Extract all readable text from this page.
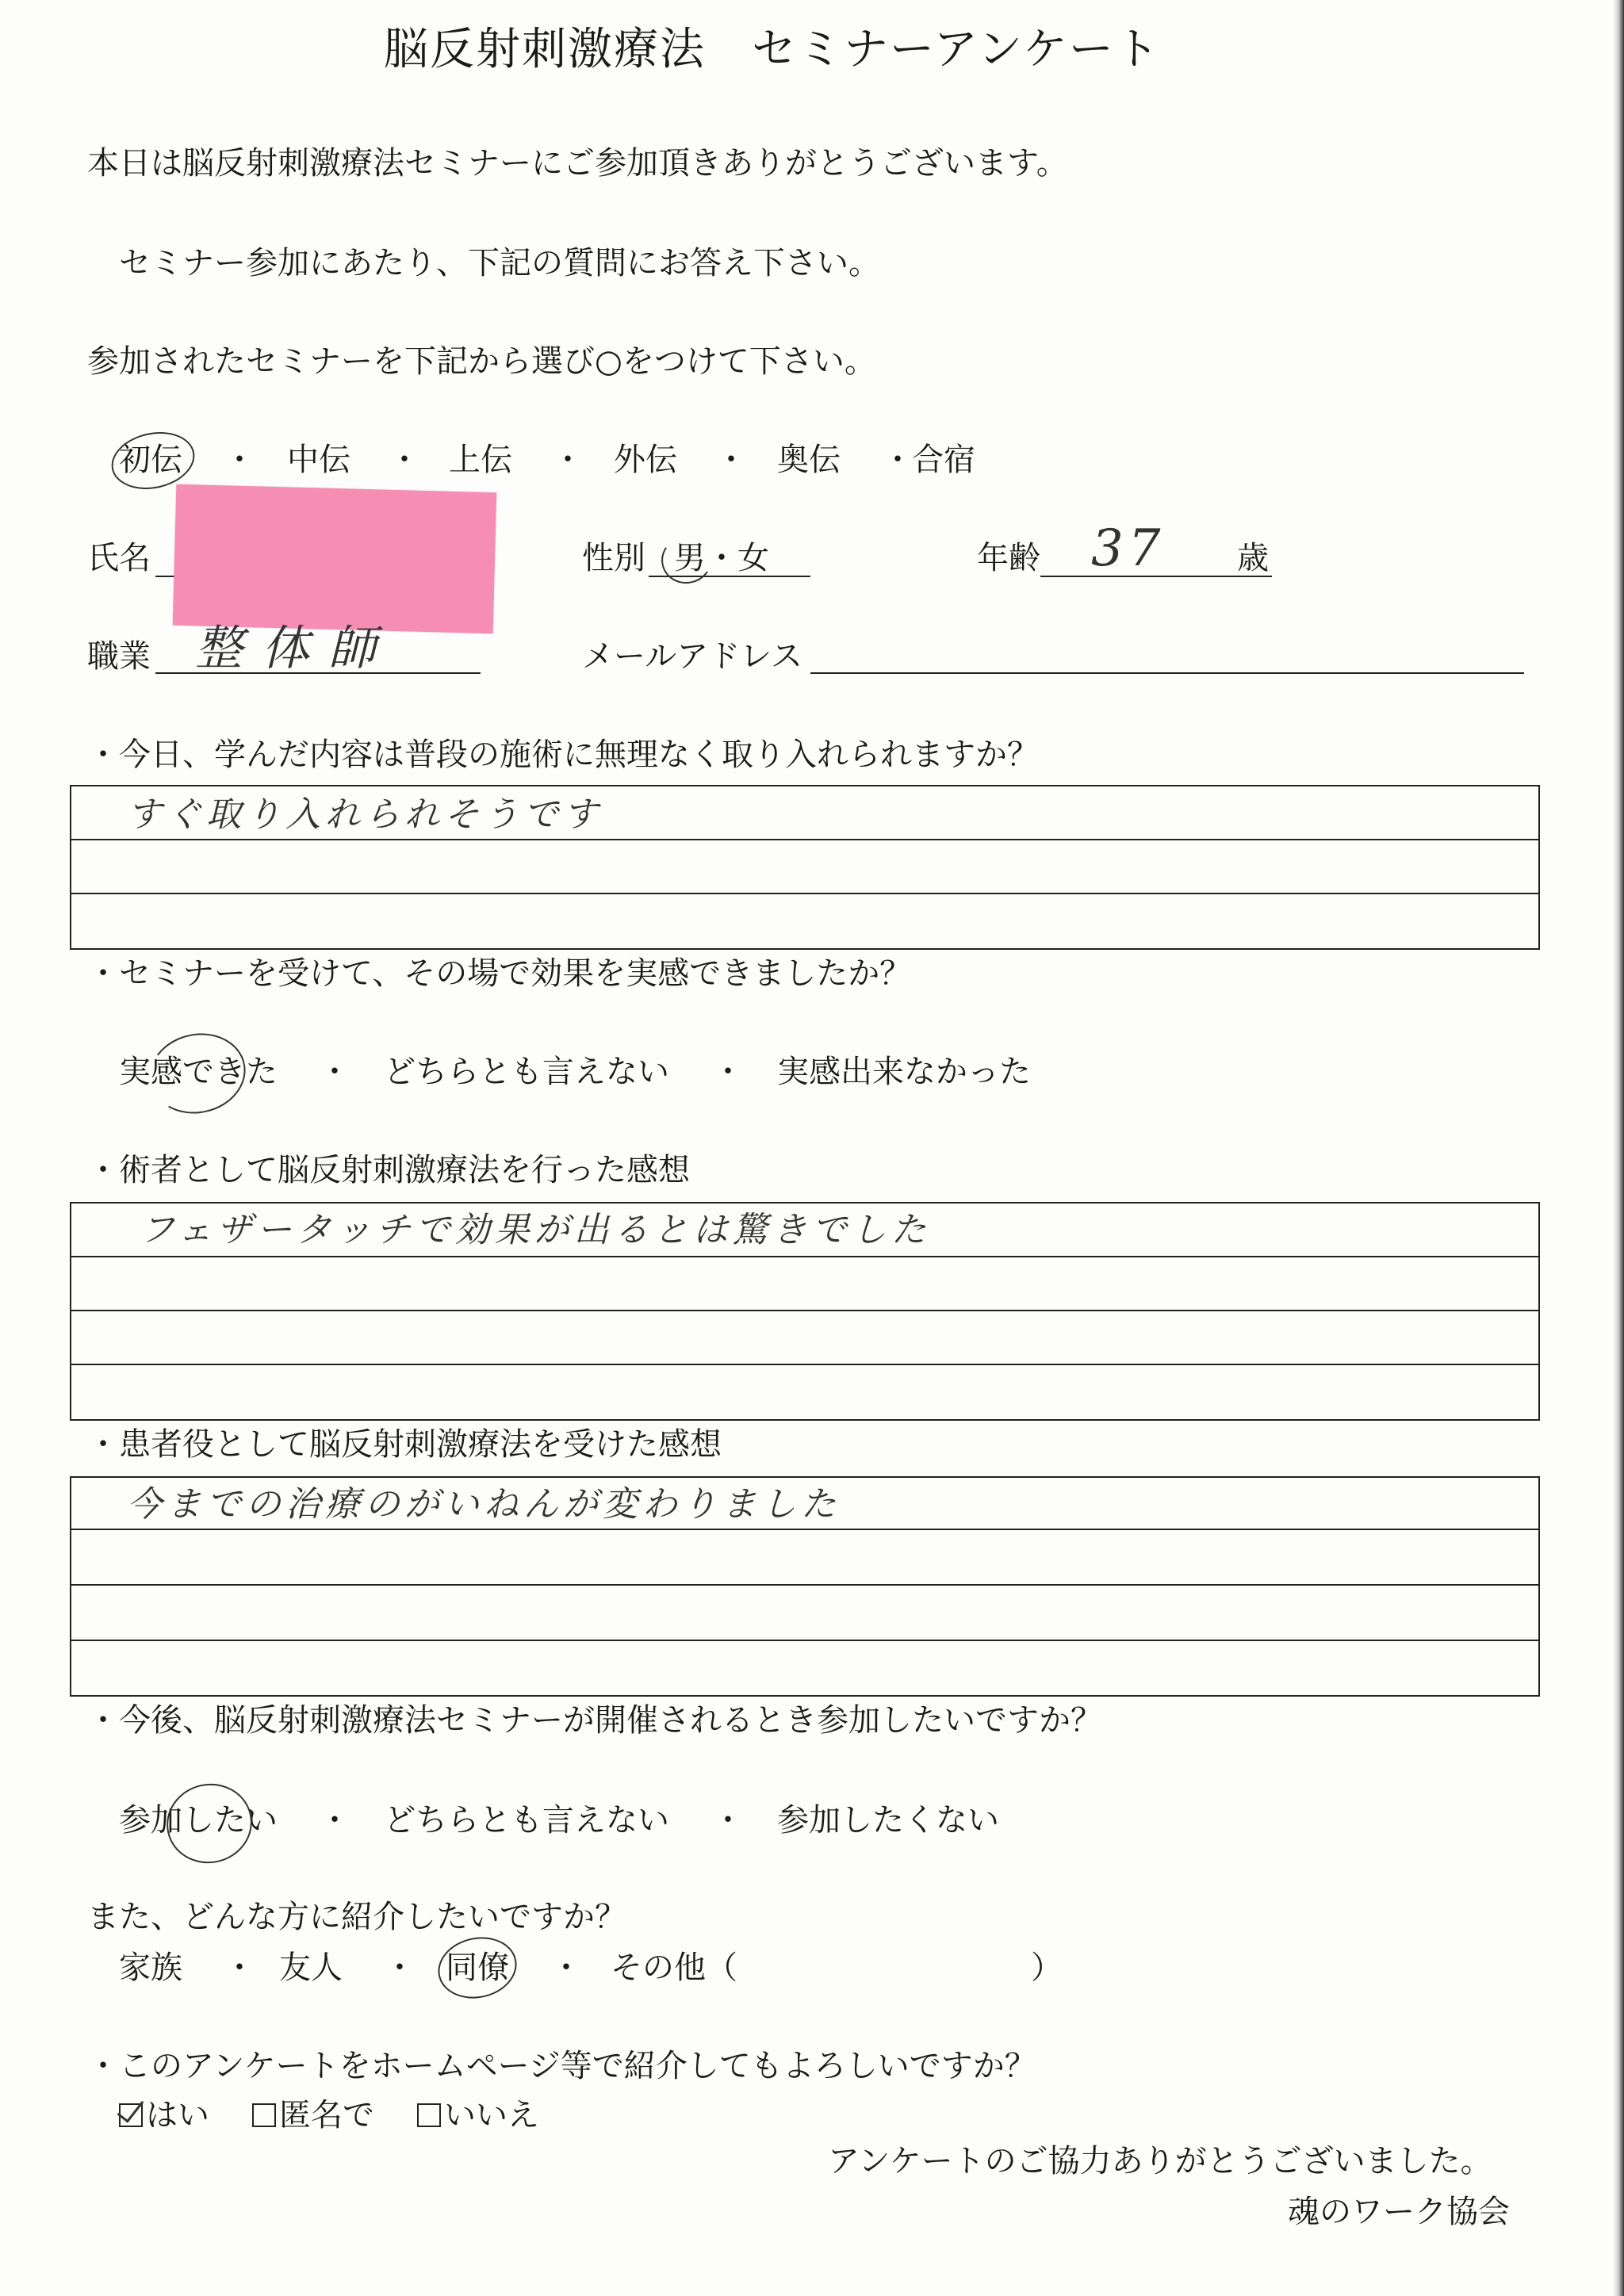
脳反射刺激療法　セミナーアンケート
本日は脳反射刺激療法セミナーにご参加頂きありがとうございます。
セミナー参加にあたり、下記の質問にお答え下さい。
参加されたセミナーを下記から選び○をつけて下さい。
初伝 ・ 中伝 ・ 上伝 ・ 外伝 ・ 奥伝 ・
合宿
氏名	性別 男・女	年齢 37 歳
職業 整体師	メールアドレス
・今日、学んだ内容は普段の施術に無理なく取り入れられますか？
すぐ取り入れられそうです
・セミナーを受けて、その場で効果を実感できましたか？
実感できた ・ どちらとも言えない ・ 実感出来なかった
・術者として脳反射刺激療法を行った感想
フェザータッチで効果が出るとは驚きでした
・患者役として脳反射刺激療法を受けた感想
今までの治療のがいねんが変わりました
・今後、脳反射刺激療法セミナーが開催されるとき参加したいですか？
参加したい ・ どちらとも言えない ・ 参加したくない
また、どんな方に紹介したいですか？
家族 ・ 友人 ・ 同僚 ・ その他（	）
・このアンケートをホームページ等で紹介してもよろしいですか？
はい	匿名で	いいえ
アンケートのご協力ありがとうございました。
魂のワーク協会
